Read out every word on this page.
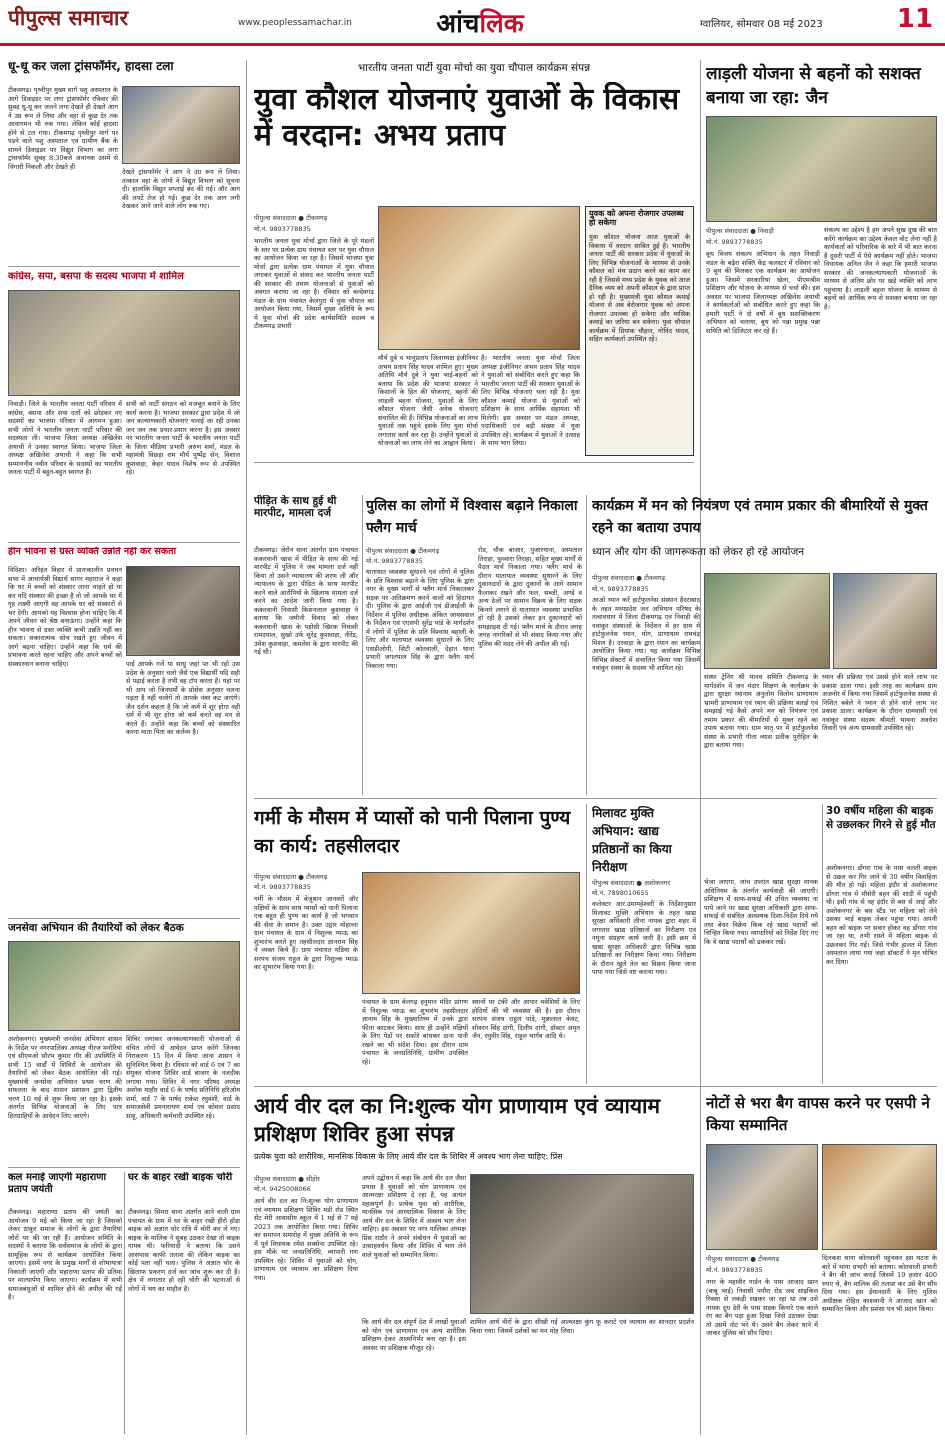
पीपुल्स समाचार	www.peoplessamachar.in	आंचलिक	ग्वालियर, सोमवार 08 मई 2023	11
धू-धू कर जला ट्रांसफॉर्मर, हादसा टला
टीकमगढ़। पृथ्वीपुर मुख्य मार्ग पशु अस्पताल के आगे डिवाइडर पर लगा ट्रांसफॉर्मर रविवार की सुबह धू-धू कर जलने लगा देखते ही देखते आग ने उग्र रूप ले लिया और वहां से कुछ देर तक आवागमन भी रुक गया। लेकिन कोई हादसा होने से टल गया। टीकमगढ़ पृथ्वीपुर मार्ग पर पड़ने वाले पशु अस्पताल एवं ग्रामीण बैंक के सामने डिवाइडर पर विद्युत विभाग का लगा ट्रांसफॉर्मर सुबह 8.30बजे अचानक उसमें से चिंगारी निकली और देखते ही
देखते ट्रांसफॉर्मर ने आग ने उग्र रूप ले लिया। तत्काल वहां के लोगों ने विद्युत विभाग को सूचना दी। हालांकि विद्युत सप्लाई बंद की गई। और आग की लपटें तेज हो गई। कुछ देर तक आग लगी देखकर आने जाने वाले लोग रुक गए।
कांग्रेस, सपा, बसपा के सदस्य भाजपा में शामिल
निवाड़ी। जिले के भारतीय जनता पार्टी परिवार में कांग्रेस, बसपा और सपा दलों को छोड़कर नए सदस्यों का भाजपा परिवार में आगमन हुआ। सभी लोगों ने भारतीय जनता पार्टी परिवार की सदस्यता ली। भाजपा जिला अध्यक्ष अखिलेश अयाची ने उनका स्वागत किया। भाजपा जिला अध्यक्ष अखिलेश अयाची ने कहा कि सभी सम्माननीय नवीन परिवार के सदस्यों का भारतीय जनता पार्टी में बहुत-बहुत स्वागत है।
सभी को पार्टी संगठन को मजबूत बनाने के लिए कार्य करना है। भाजपा सरकार द्वारा प्रदेश में जो जन कल्याणकारी योजनाएं चलाई जा रही उनका जन जन तक प्रचार-प्रसार करना है। इस अवसर पर भारतीय जनता पार्टी के भारतीय जनता पार्टी के जिला मीडिया प्रभारी अरुण शर्मा, मंडल के महामंत्री विछड़ा राम मौर्य पुष्पेंद्र सेन, विशाल कुशवाहा, केहर यादव विशेष रूप से उपस्थित रहे।
हीन भावना से ग्रस्त व्यक्ति उन्नति नहीं कर सकता
विदिशा। अरिहंत विहार में प्रातःकालीन प्रवचन सभा में आचार्यश्री विद्यार्थ सागर महाराज ने कहा कि घर में बच्चों को संस्कार लाना चाहते हो या कर यदि संस्कार की इच्छा है तो जो आपके घर में गृह लक्ष्मी आएगी वह आपके घर को संस्कारों से भर देगी। आपको यह विश्वास होना चाहिए कि मैं अपने जीवन को श्रेष्ठ बनाऊंगा। उन्होंने कहा कि हीन भावना से ग्रस्त व्यक्ति कभी उन्नति नहीं कर सकता। सकारात्मक सोच रखते हुए जीवन में आगे बढ़ना चाहिए। उन्होंने कहा कि धर्म की प्रभावना करते रहना चाहिए और अपने बच्चों को संस्कारवान बनाना चाहिए।	पाई आपके गलें या साधु जहां पर भी रहो उस प्रदेश के अनुसार चलो जैसे एक विद्यार्थी यदि सही से पढ़ाई करता है तभी वह टॉप करता है। यहां पर भी आप जो जिनधर्मों के प्रोसेस अनुसार चलना पड़ता है नहीं चलोगे तो आपके नंबर कट जाएंगे। जैन दर्शन कहता है कि जो कर्म में शूर होगा वही धर्म में भी शूर होगा जो कर्म करते वह मन से करते हैं। उन्होंने कहा कि बच्चों को संस्कारित करना माता पिता का कर्तव्य है।
जनसेवा अभियान की तैयारियों को लेकर बैठक
अशोकनगर। मुख्यमंत्री जनसेवा अभियान शासन के निर्देश पर नगरपालिका अध्यक्ष नीरज मनोरिया एवं सीएमओ सौरभ कुमार गौर की उपस्थिति में सभी 15 वार्डों में शिविरों के आयोजन की तैयारियों को लेकर बैठक आयोजित की गई। मुख्यमंत्री जनसेवा अभियान प्रथम चरण की सफलता के बाद शासन प्रशासन द्वारा द्वितीय चरण 10 मई से शुरू किया जा रहा है। इसके अंतर्गत विभिन्न योजनाओं के लिए पात्र हितग्राहियों के आवेदन लिए जाएंगे।
शिविर लगाकर जनकल्याणकारी योजनाओं से वंचित लोगों से आवेदन प्राप्त करेंगे जिनका निराकरण 15 दिन में किया जाना शासन ने सुनिश्चित किया है। रविवार को वार्ड 6 एवं 7 का संयुक्त योजना शिविर वार्ड बाजार के नजदीक लगाया गया। शिविर में नगर परिषद अध्यक्ष अशोक माहौर वार्ड 6 के पार्षद प्रतिनिधि हरिओम शर्मा, वार्ड 7 के पार्षद राकेश रघुवंशी, वार्ड के समाजसेवी प्रमनारायण शर्मा एवं कोमल प्रसाद साहू, अधिकारी कर्मचारी उपस्थित रहे।
कल मनाई जाएगी महाराणा प्रताप जयंती
टीकमगढ़। महाराणा प्रताप की जयंती का आयोजन 9 मई को किया जा रहा है जिसको लेकर ठाकुर समाज के लोगों के द्वारा तैयारियां जोरों पर की जा रही हैं। आयोजन समिति के सदस्यों ने बताया कि सर्वसमाज के लोगों के द्वारा सामूहिक रूप से कार्यक्रम आयोजित किया जाएगा। इसमें नगर के प्रमुख मार्गों से शोभायात्रा निकाली जाएगी और महाराणा प्रताप की प्रतिमा पर माल्यार्पण किया जाएगा। कार्यक्रम में सभी समाजबंधुओं से शामिल होने की अपील की गई है।
घर के बाहर रखी बाइक चोरी
टीकमगढ़। सिमरा थाना अंतर्गत आने वाली ग्राम पंचायत के ग्राम में घर के बाहर रखी हीरो होंडा बाइक को अज्ञात चोर रात्रि में चोरी कर ले गए। बाइक के मालिक ने सुबह उठकर देखा तो बाइक गायब थी। फरियादी ने बताया कि उसने आसपास काफी तलाश की लेकिन बाइक का कोई पता नहीं चला। पुलिस ने अज्ञात चोर के खिलाफ प्रकरण दर्ज कर जांच शुरू कर दी है। क्षेत्र में लगातार हो रही चोरी की घटनाओं से लोगों में भय का माहौल है।
भारतीय जनता पार्टी युवा मोर्चा का युवा चौपाल कार्यक्रम संपन्न
युवा कौशल योजनाएं युवाओं के विकास में वरदान: अभय प्रताप
पीपुल्स संवाददाता ● टीकमगढ़
मो.नं. 9893778835
युवक को अपना रोजगार उपलब्ध हो सकेगा
युवा कौशल योजना आज युवाओं के विकास में वरदान साबित हुई है। भारतीय जनता पार्टी की सरकार प्रदेश में युवाओं के लिए विभिन्न योजनाओं के माध्यम से उनके कौशल को मंच प्रदान करने का काम कर रही है जिससे मध्य प्रदेश के युवक को आज दैनिक व्यय को अपनी कौशल के द्वारा प्राप्त हो रही है। मुख्यमंत्री युवा कौशल कमाई योजना से अब बेरोजगार युवक को अपना रोजगार उपलब्ध हो सकेगा और मासिक कमाई का जरिया बन सकेगा। युवा चौपाल कार्यक्रम में प्रियांक चौहान, गोविंद यादव, सहित कार्यकर्ता उपस्थित रहे।
भारतीय जनता युवा मोर्चा द्वारा जिले के पूरे मंडलों के स्तर पर प्रत्येक ग्राम पंचायत स्तर पर युवा चौपाल का आयोजन किया जा रहा है। जिसमें भाजपा युवा मोर्चा द्वारा प्रत्येक ग्राम पंचायत में युवा चौपाल लगाकर युवाओं से संवाद कर भारतीय जनता पार्टी की सरकार की तमाम योजनाओं से युवाओं को अवगत कराया जा रहा है। रविवार को बल्देवगढ़ मंडल के ग्राम पंचायत केलपुरा में युवा चौपाल का आयोजन किया गया, जिसमें मुख्य अतिथि के रूप में युवा मोर्चा की प्रदेश कार्यसमिति सदस्य व टीकमगढ़ प्रभारी
मौर्य दुबे व भानूप्रताप जिलाध्यक्ष इंजीनियर अभय प्रताप सिंह यादव शामिल हुए। मुख्य अतिथि मौर्य दुबे ने युवा भाई-बहनों को बताया कि प्रदेश की भाजपा सरकार ने किसानों के हित की योजनाएं, बहनों की लाड़ली बहना योजना, युवाओं के लिए कौशल योजना जैसी अनेक योजनाएं संचालित की हैं। विभिन्न योजनाओं का लाभ युवाओं तक पहुंचे इसके लिए युवा मोर्चा लगातार कार्य कर रहा है। उन्होंने युवाओं से योजनाओं का लाभ लेने का आह्वान किया।
है। भारतीय जनता युवा मोर्चा जिला अध्यक्ष इंजीनियर अभय प्रताप सिंह यादव ने युवाओं को संबोधित करते हुए कहा कि भारतीय जनता पार्टी की सरकार युवाओं के लिए विभिन्न योजनाएं चला रही है। युवा कौशल कमाई योजना से युवाओं को प्रशिक्षण के साथ आर्थिक सहायता भी मिलेगी। इस अवसर पर मंडल अध्यक्ष, पदाधिकारी एवं बड़ी संख्या में युवा उपस्थित रहे। कार्यक्रम में युवाओं ने उत्साह के साथ भाग लिया।
पीड़ित के साथ हुई थी मारपीट, मामला दर्ज
टीकमगढ़। जेरोन थाना अंतर्गत ग्राम पंचायत ककरवानी खास में पीड़ित के साथ की गई मारपीट में पुलिस ने जब मामला दर्ज नहीं किया तो उसने न्यायालय की शरण ली और न्यायालय के द्वारा पीड़ित के साथ मारपीट करने वाले आरोपियों के खिलाफ मामला दर्ज करने का आदेश जारी किया गया है। ककरवानी निवासी किशनलाल कुशवाहा ने बताया कि जमीनी विवाद को लेकर ककरवानी खास के पड़ोसी खिरक निवासी रामदयाल, सुखो उर्फ सुरेंद्र कुशवाहा, नीरेंद्र, उमेश कुशवाहा, कमलेश के द्वारा मारपीट की गई थी।
पुलिस का लोगों में विश्वास बढ़ाने निकाला फ्लैग मार्च
पीपुल्स संवाददाता ● टीकमगढ़
मो.नं. 9893778835
यातायात व्यवस्था सुधारने एवं लोगों में पुलिस के प्रति विश्वास बढ़ाने के लिए पुलिस के द्वारा नगर के मुख्य मार्गों से फ्लैग मार्च निकालकर सड़क पर अतिक्रमण करने वालों को हिदायत दी। पुलिस के द्वारा आईजी एवं डीआईजी के निर्देशन में पुलिस अधीक्षक अंकित जायसवाल के निर्देशन एवं एएसपी सुरेंद्र पांडे के मार्गदर्शन में लोगों में पुलिस के प्रति विश्वास बहाली के लिए और यातायात व्यवस्था सुधारने के लिए एसडीओपी, सिटी कोतवाली, देहात थाना प्रभारी जगतपाल सिंह के द्वारा फ्लैग मार्च निकाला गया।
रोड, चौक बाजार, पुजारयाना, अस्पताल तिराहा, फुव्वारा तिराहा, सहित मुख्य मार्गों से पैदल मार्च निकाला गया। फ्लैग मार्च के दौरान यातायात व्यवस्था सुधारने के लिए दुकानदारों के द्वारा दुकानों के आगे सामान फैलाकर रखने और फल, सब्जी, अण्डे व अन्य ठेलों पर सामान विक्रय के लिए सड़क किनारे लगाने से यातायात व्यवस्था प्रभावित हो रही है उसको लेकर इन दुकानदारों को समझाइश दी गई। फ्लैग मार्च के दौरान जगह जगह नागरिकों से भी संवाद किया गया और पुलिस की मदद लेने की अपील की गई।
कार्यक्रम में मन को नियंत्रण एवं तमाम प्रकार की बीमारियों से मुक्त रहने का बताया उपाय
ध्यान और योग की जागरूकता को लेकर हो रहे आयोजन
पीपुल्स संवाददाता ● टीकमगढ़
मो.नं. 9893778835
आओ ध्यान करें हार्टफुलनेस संस्थान हैदराबाद के तहत मध्यप्रदेश जन अभियान परिषद के तत्वावधान में जिला टीकमगढ़ एवं निवाड़ी की नवांकुर संस्थाओं के निर्देशन में हर ग्राम में हार्टफुलनेस ध्यान, योग, प्राणायाम रामचंद्र मिशन है। दरवाड़ा के द्वारा ध्यान का कार्यक्रम आयोजित किया गया। यह कार्यक्रम विभिन्न विभिन्न सेक्टरों में संचालित किया गया जिसमें नवांकुर संस्था के सदस्य भी शामिल रहे।
संस्था ट्रेनिंग श्री मानव समिति टीकमगढ़ के मार्गदर्शन में जन मंदार शिक्षण के कार्यक्रम के द्वारा सुरक्षा ध्यानाम अनुलोम विलोम प्राणायाम भ्रामरी प्राणायाम एवं ध्यान की प्रक्रिया बताई एवं समझाई गई कैसे अपने मन को नियंत्रण एवं तमाम प्रकार की बीमारियों से मुक्त रहने का उपाय बताया गया। ग्राम मातृ पर में हार्टफुलनेस संस्था के प्रभारी गीता व्यास प्रतीक पुरोहित के द्वारा बताया गया।
ध्यान की प्रक्रिया एवं उससे होने वाले लाभ पर प्रकाश डाला गया। इसी तरह का कार्यक्रम ग्राम अजनोर में किया गया जिसमें हार्टफुलनेस संस्था से निशित बबेले ने ध्यान से होने वाले लाभ पर प्रकाश डाला। कार्यक्रम के दौरान ग्रामवासी एवं नवांकुर संस्था सदस्य श्रीमती भावना अवधेश तिवारी एवं अन्य ग्रामवासी उपस्थित रहे।
गर्मी के मौसम में प्यासों को पानी पिलाना पुण्य का कार्य: तहसीलदार
पीपुल्स संवाददाता ● टीकमगढ़
मो.नं. 9893778835
गर्मी के मौसम में बेजुबान जानवरों और पक्षियों के साथ साथ प्यासों को पानी पिलाना एक बहुत ही पुण्य का कार्य है जो भगवान की सेवा के समान है। उक्त उद्गार मोहल्ला ग्राम पंचायत के ग्राम में निशुल्क प्याऊ का शुभारंभ करते हुए तहसीलदार ज्ञानराम सिंह ने व्यक्त किये हैं। ग्राम पंचायत मडिया के सरपंच संजय राहुल के द्वारा निशुल्क प्याऊ का शुभारंभ किया गया है।
पंचायत के ग्राम बेलगढ़ हनुमान मंदिर प्रांगण में निशुल्क प्याऊ का शुभारंभ तहसीलदार ज्ञानाम सिंह के मुख्यातिथ्य में उनके द्वारा फीता काटकर किया। साथ ही उन्होंने पक्षियों के लिए पेड़ों पर सकोरे बांधकर दाना पानी रखने का भी संदेश दिया। इस दौरान ग्राम पंचायत के जनप्रतिनिधि, ग्रामीण उपस्थित रहे।
स्थानों पर टंकी और आपार मवेशियों के लिए होदियों की भी व्यवस्था की है। इस दौरान सरपंच संजय राहुल पांडे, मुन्नालाल केवट, सोवरन सिंह दांगी, दिलीप दांगी, डॉक्टर अमृत जैन, रघुवीर सिंह, राहुल भार्गव आदि थे।
मिलावट मुक्ति अभियान: खाद्य प्रतिष्ठानों का किया निरीक्षण
पीपुल्स संवाददाता ● अशोकनगर
मो.नं. 7898010655
कलेक्टर आर.उमामहेश्वरी के निर्देशानुसार मिलावट मुक्ति अभियान के तहत खाद्य सुरक्षा अधिकारी लीना नायक द्वारा शहर में लगातार खाद्य प्रतिष्ठानों का निरीक्षण एवं नमूना संग्रहण कार्य जारी है। इसी क्रम में खाद्य सुरक्षा अधिकारी द्वारा विभिन्न खाद्य प्रतिष्ठानों का निरीक्षण किया गया। निरीक्षण के दौरान खुले तेल का विक्रय किया जाना पाया गया जिसे नष्ट कराया गया।
भेजा जाएगा, जांच उपरांत खाद्य सुरक्षा मानक अधिनियम के अंतर्गत कार्यवाही की जाएगी। प्रशिक्षण में साफ-सफाई की उचित व्यवस्था ना पाये जाने पर खाद्य सुरक्षा अधिकारी द्वारा साफ-सफाई से संबंधित आवश्यक दिशा-निर्देश दिये गये तथा बेचर विक्रेय किक रहे खाद्य पदार्थों को चिन्हित किया गया। व्यापारियों को निर्देश दिए गए कि वे खाद्य पदार्थों को ढककर रखें।
30 वर्षीय महिला की बाइक से उछलकर गिरने से हुई मौत
अशोकनगर। डोंगरा गांव के पास चलती बाइक से उछल कर गिर जाने से 30 वर्षीय विवाहिता की मौत हो गई। महिला इंदौर से अशोकनगर डोंगरा गांव में मौसेरी बहन की शादी में पहुंची थी। इसी गांव से वह इंदौर से बस से आई और अशोकनगर के बस स्टैंड पर महिला को लेने उसका भाई बाइक लेकर पहुंचा गया। अपनी बहन को बाइक पर सवार होकर वह डोंगरा गांव जा रहा था, तभी रास्ते में महिला बाइक से उछलकर गिर गई। जिसे गंभीर हालत में जिला अस्पताल लाया गया जहां डॉक्टरों ने मृत घोषित कर दिया।
आर्य वीर दल का नि:शुल्क योग प्राणायाम एवं व्यायाम प्रशिक्षण शिविर हुआ संपन्न
प्रत्येक युवा को शारीरिक, मानसिक विकास के लिए आर्य वीर दल के शिविर में अवश्य भाग लेना चाहिए: प्रिंस
पीपुल्स संवाददाता ● सीहोर
मो.नं. 9425008066
आर्य वीर दल का नि:शुल्क योग प्राणायाम एवं व्यायाम प्रशिक्षण शिविर मंडी रोड स्थित सेंट मेरी आवासीय स्कूल में 1 मई से 7 मई 2023 तक आयोजित किया गया। शिविर का समापन समारोह में मुख्य अतिथि के रूप में पूर्व विधायक रमेश सक्सेना उपस्थित रहे। इस मौके पर जनप्रतिनिधि, व्यापारी गण उपस्थित रहे। शिविर में युवाओं को योग, प्राणायाम एवं व्यायाम का प्रशिक्षण दिया गया।
अपने उद्बोधन में कहा कि आर्य वीर दल जैसा प्रयास है युवाओं को योग प्राणायाम एवं आत्मरक्षा प्रशिक्षण दे रहा है, यह अत्यंत महत्वपूर्ण है। प्रत्येक युवा को शारीरिक, मानसिक एवं आध्यात्मिक विकास के लिए आर्य वीर दल के शिविर में अवश्य भाग लेना चाहिए। इस अवसर पर नगर पालिका अध्यक्ष प्रिंस राठौर ने अपने संबोधन में युवाओं का उत्साहवर्धन किया और शिविर में भाग लेने वाले युवाओं को सम्मानित किया।
कि आर्य वीर दल संपूर्ण देश में लाखों युवाओं को योग एवं प्राणायाम एवं अन्य शारीरिक प्रशिक्षण देकर आत्मनिर्भर बना रहा है। इस अवसर पर प्रशिक्षक मौजूद रहे।
शामिल आर्य वीरों के द्वारा सीखी गई आत्मरक्षा कुंग फू कराटे एवं व्यायाम का शानदार प्रदर्शन किया गया। जिसमें दर्शकों का मन मोह लिया।
लाड़ली योजना से बहनों को सशक्त बनाया जा रहा: जैन
पीपुल्स संवाददाता ● निवाड़ी
मो.नं. 9893778835
बूथ विजय संकल्प अभियान के तहत निवाड़ी मंडल के बढ़ेरा शक्ति केंद्र कलस्टर में रविवार को 9 बूथ की मिलकर एक कार्यक्रम का आयोजन हुआ। जिसमें सरकारिया खेला, पीएमश्रीम प्रशिक्षण और योजना के माध्यम से चर्चा की। इस अवसर पर भाजपा जिलाध्यक्ष अखिलेश अयाची ने कार्यकर्ताओं को संबोधित करते हुए कहा कि हमारी पार्टी ने दो वर्षों में बूथ सशक्तिकरण अभियान को चलाया, बूथ को पन्ना प्रमुख पन्ना समिति को डिजिटल कर रहे हैं।
संकल्प का उद्देश्य है हम अपने सुख दुख की बात करेंगे कार्यक्रम का उद्देश्य केवल वोट लेना नहीं है कार्यकर्ता को परिवारिक के बारे में भी बात करना है दूसरी पार्टी में ऐसे कार्यक्रम नहीं होते। भाजपा विधायक अनिल जैन ने कहा कि हमारी भाजपा सरकार की जनकल्याणकारी योजनाओं के माध्यम से अंतिम छोर पर खड़े व्यक्ति को लाभ पहुंचाया है। लाड़ली बहना योजना के माध्यम से बहनों को आर्थिक रूप से सशक्त बनाया जा रहा है।
नोटों से भरा बैग वापस करने पर एसपी ने किया सम्मानित
पीपुल्स संवाददाता ● टीकमगढ़
मो.नं. 9893778835
नगर के महावीर गार्डन के पास आजाद खान (बाबू भाई) निवासी पपौरा रोड जब साइकिल रिक्शा से लकड़ी रखकर जा रहा था तब उसे नायक दूध डेरी के पास सड़क किनारे एक काले रंग का बैग पड़ा हुआ दिखा जिसे उठाकर देखा तो उसमें नोट भरे थे। उसने बैग लेकर थाने में जाकर पुलिस को सौंप दिया।
दिलकश थाना कोतवाली पहुंचकर इस घटना के बारे में थाना प्रभारी को बताया। कोतवाली प्रभारी ने बैग की जांच कराई जिसमें 19 हजार 400 रुपए थे, बैग मालिक की तलाश कर उसे बैग सौंप दिया गया। इस ईमानदारी के लिए पुलिस अधीक्षक रोहित काशवानी ने आजाद खान को सम्मानित किया और प्रशंसा पत्र भी प्रदान किया।
